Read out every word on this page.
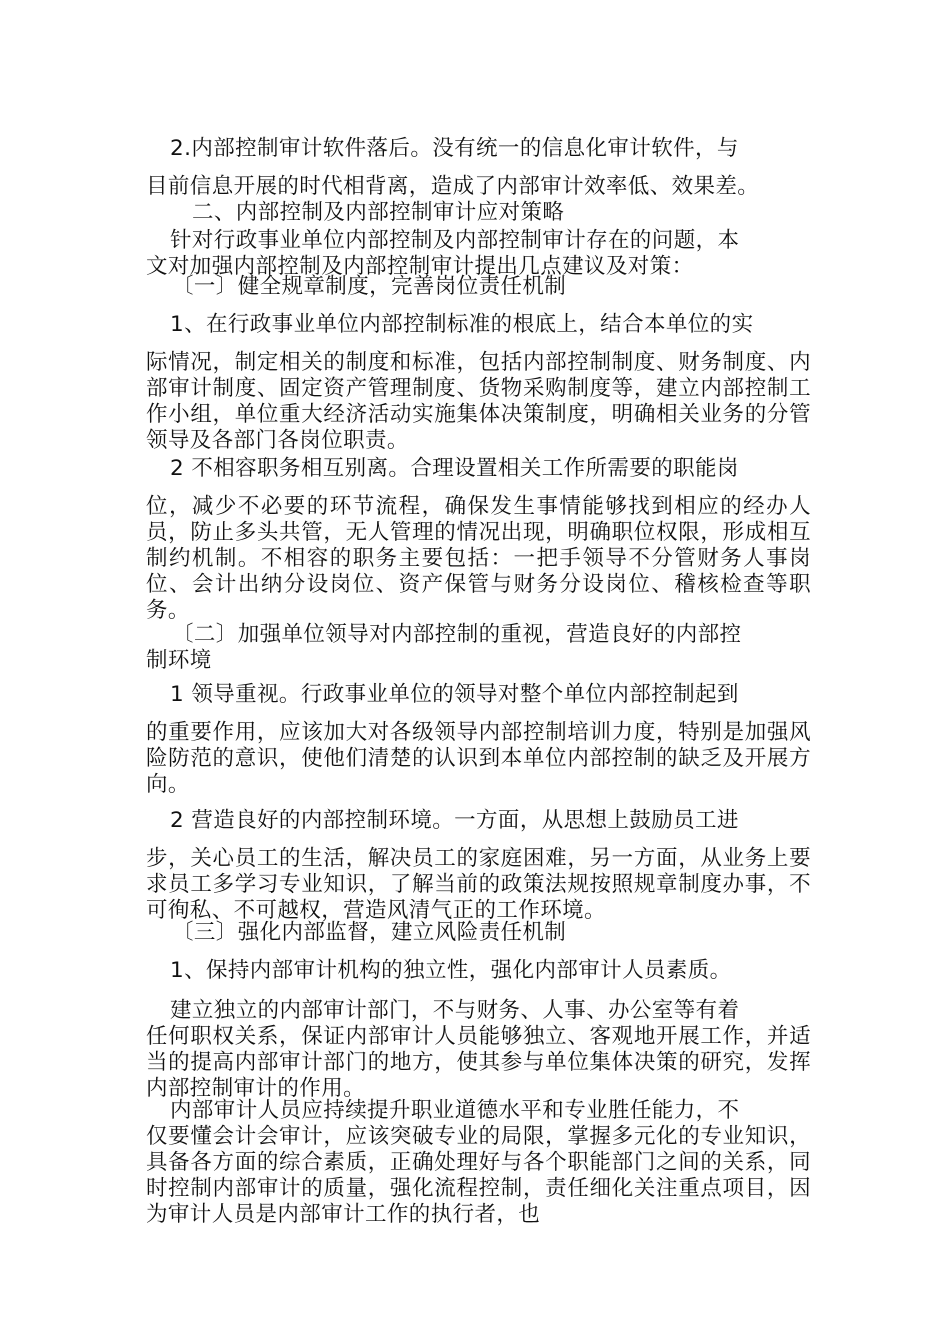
2.内部控制审计软件落后。没有统一的信息化审计软件，与
目前信息开展的时代相背离，造成了内部审计效率低、效果差。
二、内部控制及内部控制审计应对策略
针对行政事业单位内部控制及内部控制审计存在的问题，本
文对加强内部控制及内部控制审计提出几点建议及对策：
〔一〕健全规章制度，完善岗位责任机制
1、在行政事业单位内部控制标准的根底上，结合本单位的实
际情况，制定相关的制度和标准，包括内部控制制度、财务制度、内部审计制度、固定资产管理制度、货物采购制度等，建立内部控制工作小组，单位重大经济活动实施集体决策制度，明确相关业务的分管领导及各部门各岗位职责。
2 不相容职务相互别离。合理设置相关工作所需要的职能岗
位，减少不必要的环节流程，确保发生事情能够找到相应的经办人员，防止多头共管，无人管理的情况出现，明确职位权限，形成相互制约机制。不相容的职务主要包括：一把手领导不分管财务人事岗位、会计出纳分设岗位、资产保管与财务分设岗位、稽核检查等职务。
〔二〕加强单位领导对内部控制的重视，营造良好的内部控
制环境
1 领导重视。行政事业单位的领导对整个单位内部控制起到
的重要作用，应该加大对各级领导内部控制培训力度，特别是加强风险防范的意识，使他们清楚的认识到本单位内部控制的缺乏及开展方向。
2 营造良好的内部控制环境。一方面，从思想上鼓励员工进
步，关心员工的生活，解决员工的家庭困难，另一方面，从业务上要求员工多学习专业知识，了解当前的政策法规按照规章制度办事，不可徇私、不可越权，营造风清气正的工作环境。
〔三〕强化内部监督，建立风险责任机制
1、保持内部审计机构的独立性，强化内部审计人员素质。
建立独立的内部审计部门，不与财务、人事、办公室等有着
任何职权关系，保证内部审计人员能够独立、客观地开展工作，并适当的提高内部审计部门的地方，使其参与单位集体决策的研究，发挥内部控制审计的作用。
内部审计人员应持续提升职业道德水平和专业胜任能力，不
仅要懂会计会审计，应该突破专业的局限，掌握多元化的专业知识，具备各方面的综合素质，正确处理好与各个职能部门之间的关系，同时控制内部审计的质量，强化流程控制，责任细化关注重点项目，因为审计人员是内部审计工作的执行者，也
